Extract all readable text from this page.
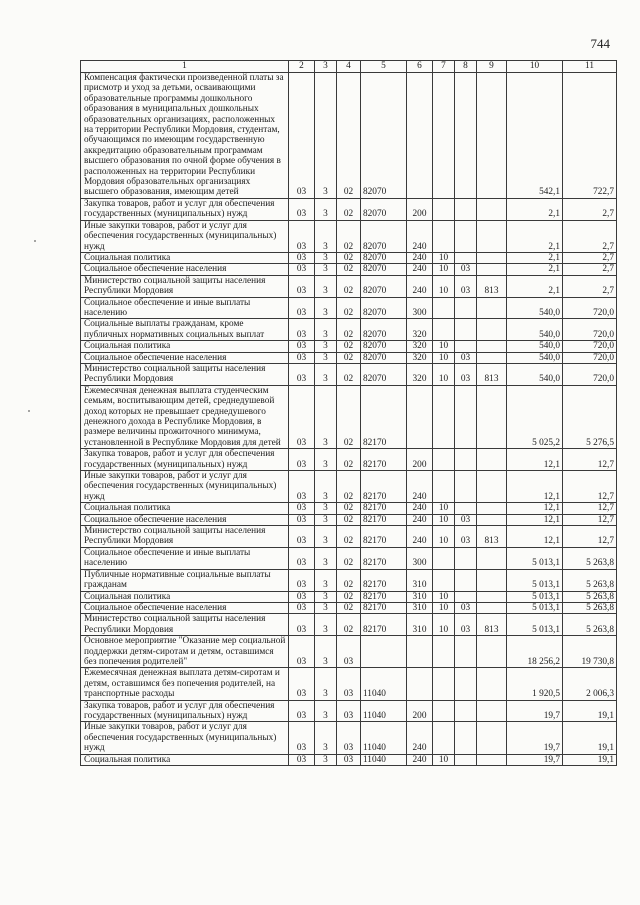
744
1	2	3	4	5	6	7	8	9	10	11
Компенсация фактически произведенной платы за присмотр и уход за детьми, осваивающими образовательные программы дошкольного образования в муниципальных дошкольных образовательных организациях, расположенных на территории Республики Мордовия, студентам, обучающимся по имеющим государственную аккредитацию образовательным программам высшего образования по очной форме обучения в расположенных на территории Республики Мордовия образовательных организациях высшего образования, имеющим детей	03	3	02	82070					542,1	722,7
Закупка товаров, работ и услуг для обеспечения государственных (муниципальных) нужд	03	3	02	82070	200				2,1	2,7
Иные закупки товаров, работ и услуг для обеспечения государственных (муниципальных) нужд	03	3	02	82070	240				2,1	2,7
Социальная политика	03	3	02	82070	240	10			2,1	2,7
Социальное обеспечение населения	03	3	02	82070	240	10	03		2,1	2,7
Министерство социальной защиты населения Республики Мордовия	03	3	02	82070	240	10	03	813	2,1	2,7
Социальное обеспечение и иные выплаты населению	03	3	02	82070	300				540,0	720,0
Социальные выплаты гражданам, кроме публичных нормативных социальных выплат	03	3	02	82070	320				540,0	720,0
Социальная политика	03	3	02	82070	320	10			540,0	720,0
Социальное обеспечение населения	03	3	02	82070	320	10	03		540,0	720,0
Министерство социальной защиты населения Республики Мордовия	03	3	02	82070	320	10	03	813	540,0	720,0
Ежемесячная денежная выплата студенческим семьям, воспитывающим детей, среднедушевой доход которых не превышает среднедушевого денежного дохода в Республике Мордовия, в размере величины прожиточного минимума, установленной в Республике Мордовия для детей	03	3	02	82170					5 025,2	5 276,5
Закупка товаров, работ и услуг для обеспечения государственных (муниципальных) нужд	03	3	02	82170	200				12,1	12,7
Иные закупки товаров, работ и услуг для обеспечения государственных (муниципальных) нужд	03	3	02	82170	240				12,1	12,7
Социальная политика	03	3	02	82170	240	10			12,1	12,7
Социальное обеспечение населения	03	3	02	82170	240	10	03		12,1	12,7
Министерство социальной защиты населения Республики Мордовия	03	3	02	82170	240	10	03	813	12,1	12,7
Социальное обеспечение и иные выплаты населению	03	3	02	82170	300				5 013,1	5 263,8
Публичные нормативные социальные выплаты гражданам	03	3	02	82170	310				5 013,1	5 263,8
Социальная политика	03	3	02	82170	310	10			5 013,1	5 263,8
Социальное обеспечение населения	03	3	02	82170	310	10	03		5 013,1	5 263,8
Министерство социальной защиты населения Республики Мордовия	03	3	02	82170	310	10	03	813	5 013,1	5 263,8
Основное мероприятие "Оказание мер социальной поддержки детям-сиротам и детям, оставшимся без попечения родителей"	03	3	03						18 256,2	19 730,8
Ежемесячная денежная выплата детям-сиротам и детям, оставшимся без попечения родителей, на транспортные расходы	03	3	03	11040					1 920,5	2 006,3
Закупка товаров, работ и услуг для обеспечения государственных (муниципальных) нужд	03	3	03	11040	200				19,7	19,1
Иные закупки товаров, работ и услуг для обеспечения государственных (муниципальных) нужд	03	3	03	11040	240				19,7	19,1
Социальная политика	03	3	03	11040	240	10			19,7	19,1
